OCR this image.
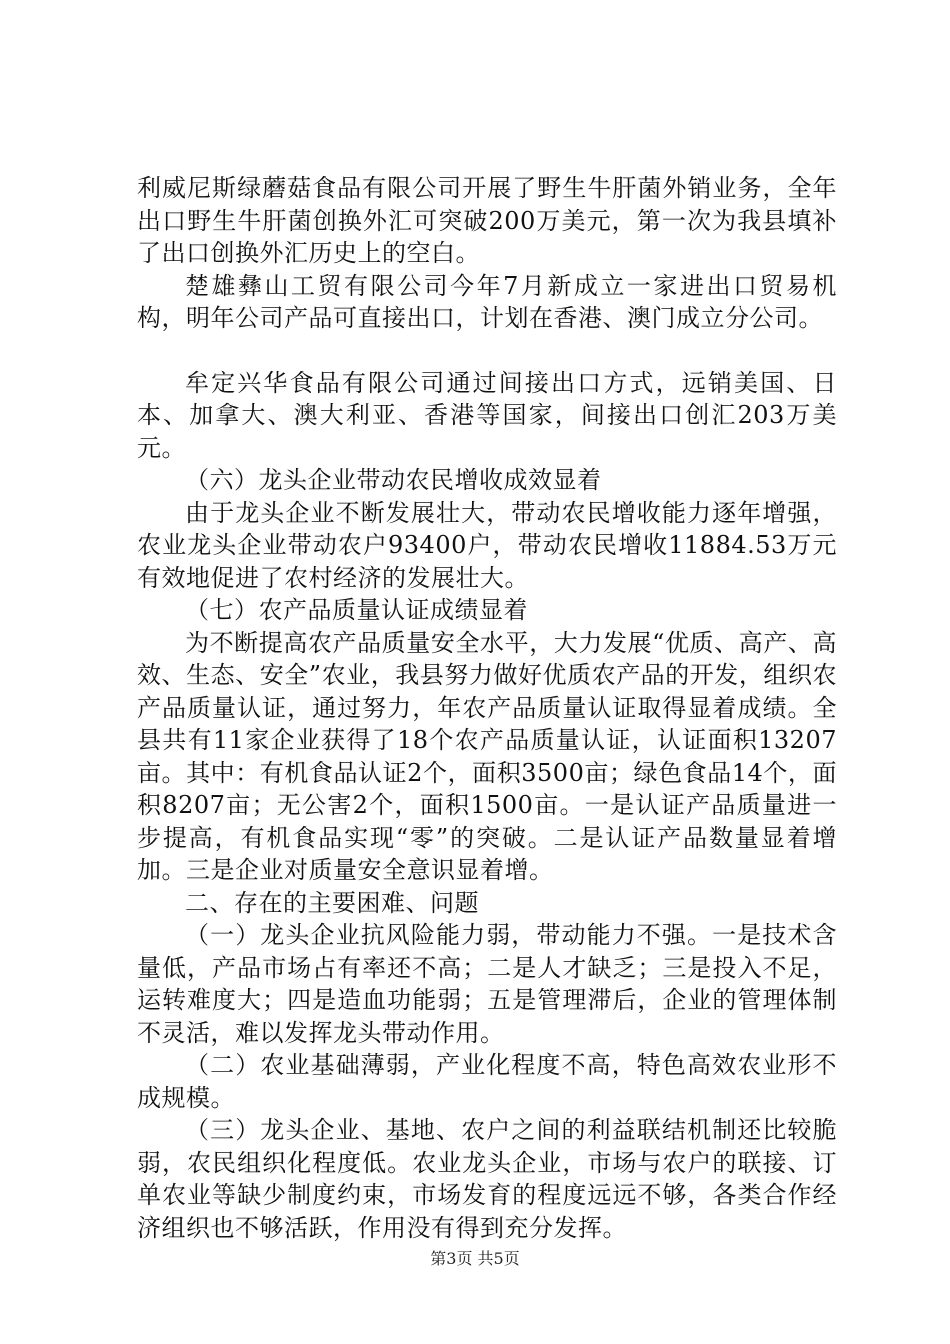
利威尼斯绿蘑菇食品有限公司开展了野生牛肝菌外销业务，全年出口野生牛肝菌创换外汇可突破200万美元，第一次为我县填补了出口创换外汇历史上的空白。

楚雄彝山工贸有限公司今年7月新成立一家进出口贸易机构，明年公司产品可直接出口，计划在香港、澳门成立分公司。

牟定兴华食品有限公司通过间接出口方式，远销美国、日本、加拿大、澳大利亚、香港等国家，间接出口创汇203万美元。

（六）龙头企业带动农民增收成效显着

由于龙头企业不断发展壮大，带动农民增收能力逐年增强，农业龙头企业带动农户93400户，带动农民增收11884.53万元有效地促进了农村经济的发展壮大。

（七）农产品质量认证成绩显着

为不断提高农产品质量安全水平，大力发展“优质、高产、高效、生态、安全”农业，我县努力做好优质农产品的开发，组织农产品质量认证，通过努力，年农产品质量认证取得显着成绩。全县共有11家企业获得了18个农产品质量认证，认证面积13207亩。其中：有机食品认证2个，面积3500亩；绿色食品14个，面积8207亩；无公害2个，面积1500亩。一是认证产品质量进一步提高，有机食品实现“零”的突破。二是认证产品数量显着增加。三是企业对质量安全意识显着增。

二、存在的主要困难、问题

（一）龙头企业抗风险能力弱，带动能力不强。一是技术含量低，产品市场占有率还不高；二是人才缺乏；三是投入不足，运转难度大；四是造血功能弱；五是管理滞后，企业的管理体制不灵活，难以发挥龙头带动作用。

（二）农业基础薄弱，产业化程度不高，特色高效农业形不成规模。

（三）龙头企业、基地、农户之间的利益联结机制还比较脆弱，农民组织化程度低。农业龙头企业，市场与农户的联接、订单农业等缺少制度约束，市场发育的程度远远不够，各类合作经济组织也不够活跃，作用没有得到充分发挥。

第3页 共5页
